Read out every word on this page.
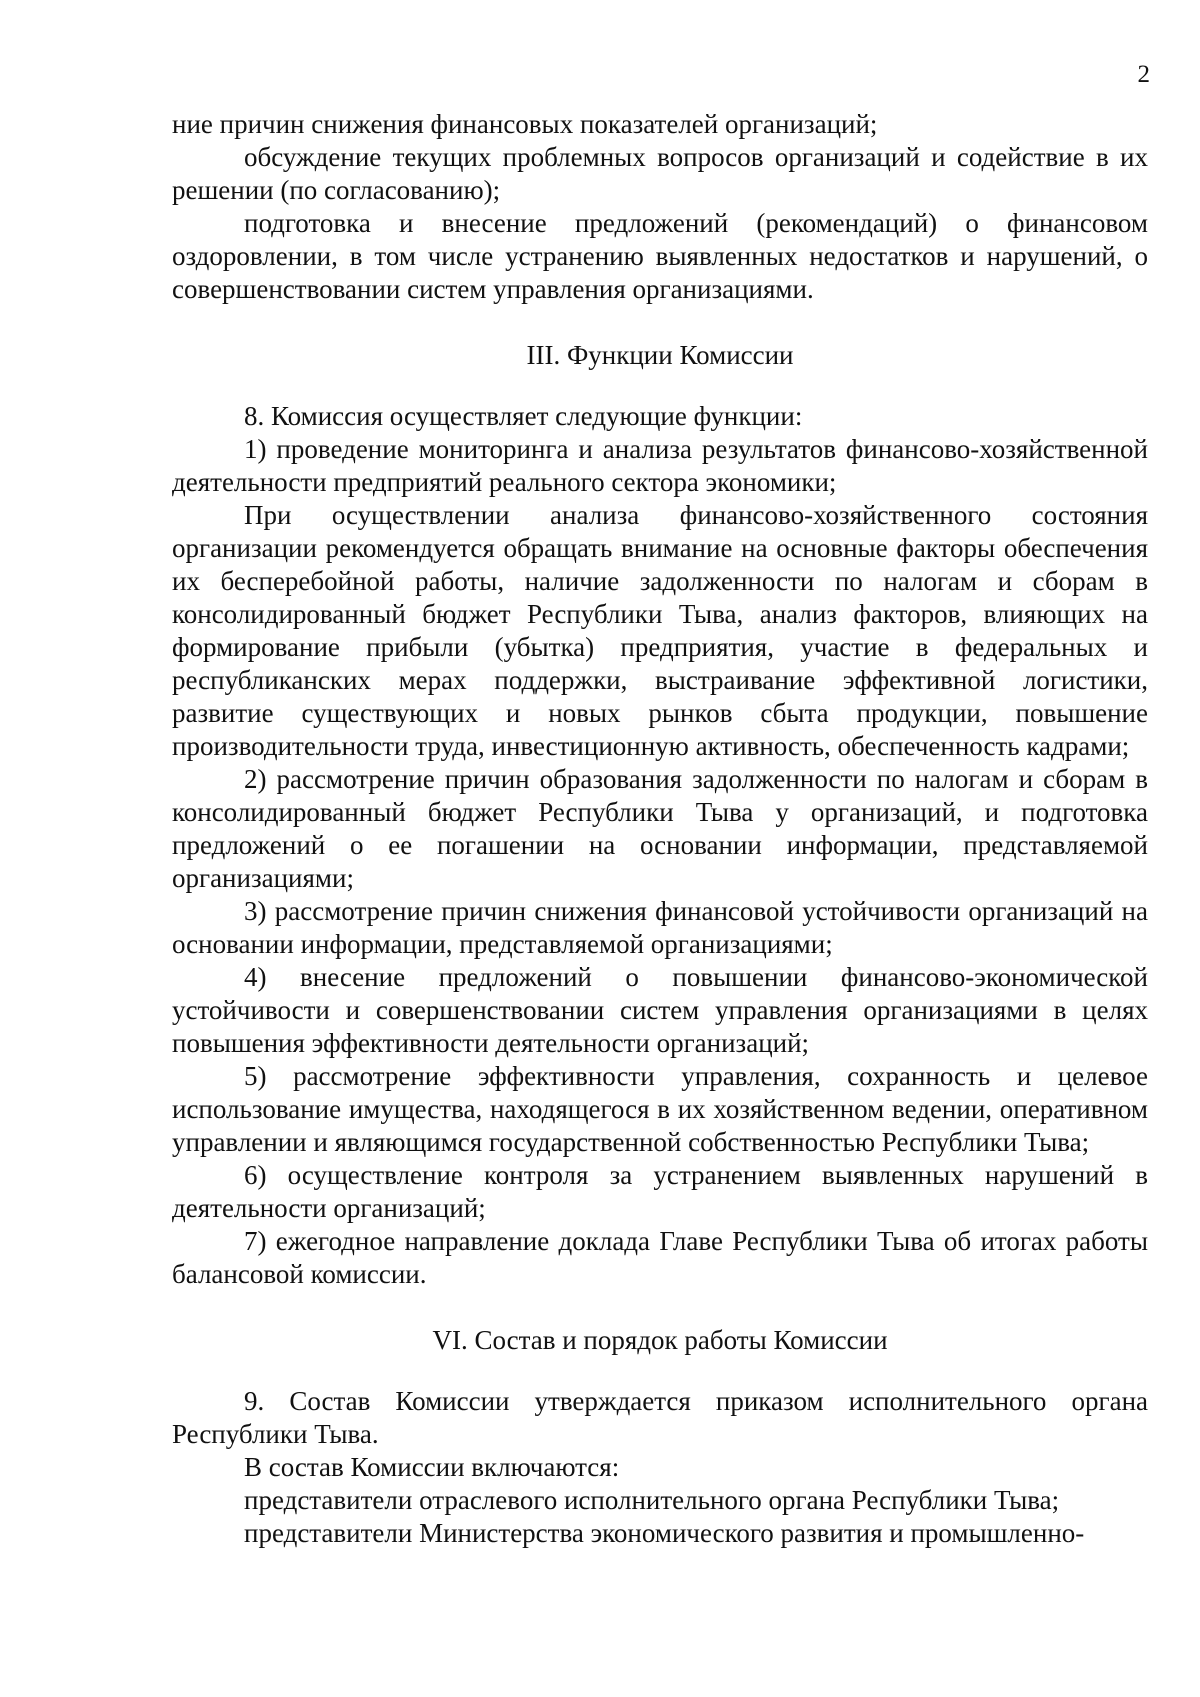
2

ние причин снижения финансовых показателей организаций;

обсуждение текущих проблемных вопросов организаций и содействие в их решении (по согласованию);

подготовка и внесение предложений (рекомендаций) о финансовом оздоровлении, в том числе устранению выявленных недостатков и нарушений, о совершенствовании систем управления организациями.

III. Функции Комиссии

8. Комиссия осуществляет следующие функции:

1) проведение мониторинга и анализа результатов финансово-хозяйственной деятельности предприятий реального сектора экономики;

При осуществлении анализа финансово-хозяйственного состояния организации рекомендуется обращать внимание на основные факторы обеспечения их бесперебойной работы, наличие задолженности по налогам и сборам в консолидированный бюджет Республики Тыва, анализ факторов, влияющих на формирование прибыли (убытка) предприятия, участие в федеральных и республиканских мерах поддержки, выстраивание эффективной логистики, развитие существующих и новых рынков сбыта продукции, повышение производительности труда, инвестиционную активность, обеспеченность кадрами;

2) рассмотрение причин образования задолженности по налогам и сборам в консолидированный бюджет Республики Тыва у организаций, и подготовка предложений о ее погашении на основании информации, представляемой организациями;

3) рассмотрение причин снижения финансовой устойчивости организаций на основании информации, представляемой организациями;

4) внесение предложений о повышении финансово-экономической устойчивости и совершенствовании систем управления организациями в целях повышения эффективности деятельности организаций;

5) рассмотрение эффективности управления, сохранность и целевое использование имущества, находящегося в их хозяйственном ведении, оперативном управлении и являющимся государственной собственностью Республики Тыва;

6) осуществление контроля за устранением выявленных нарушений в деятельности организаций;

7) ежегодное направление доклада Главе Республики Тыва об итогах работы балансовой комиссии.

VI. Состав и порядок работы Комиссии

9. Состав Комиссии утверждается приказом исполнительного органа Республики Тыва.

В состав Комиссии включаются:

представители отраслевого исполнительного органа Республики Тыва;

представители Министерства экономического развития и промышленно-
